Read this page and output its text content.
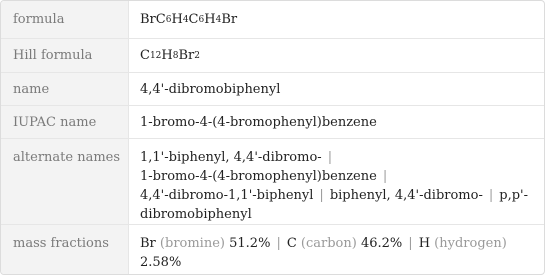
formula	Br C 6 H 4 C 6 H 4 Br
Hill formula	C 12 H 8 Br 2
name	4,4'-dibromobiphenyl
IUPAC name	1-bromo-4-(4-bromophenyl)benzene
alternate names	1,1'-biphenyl, 4,4'-dibromo- |
1-bromo-4-(4-bromophenyl)benzene |
4,4'-dibromo-1,1'-biphenyl | biphenyl, 4,4'-dibromo- | p,p'-dibromobiphenyl
mass fractions	Br (bromine) 51.2% | C (carbon) 46.2% | H (hydrogen)
2.58%
